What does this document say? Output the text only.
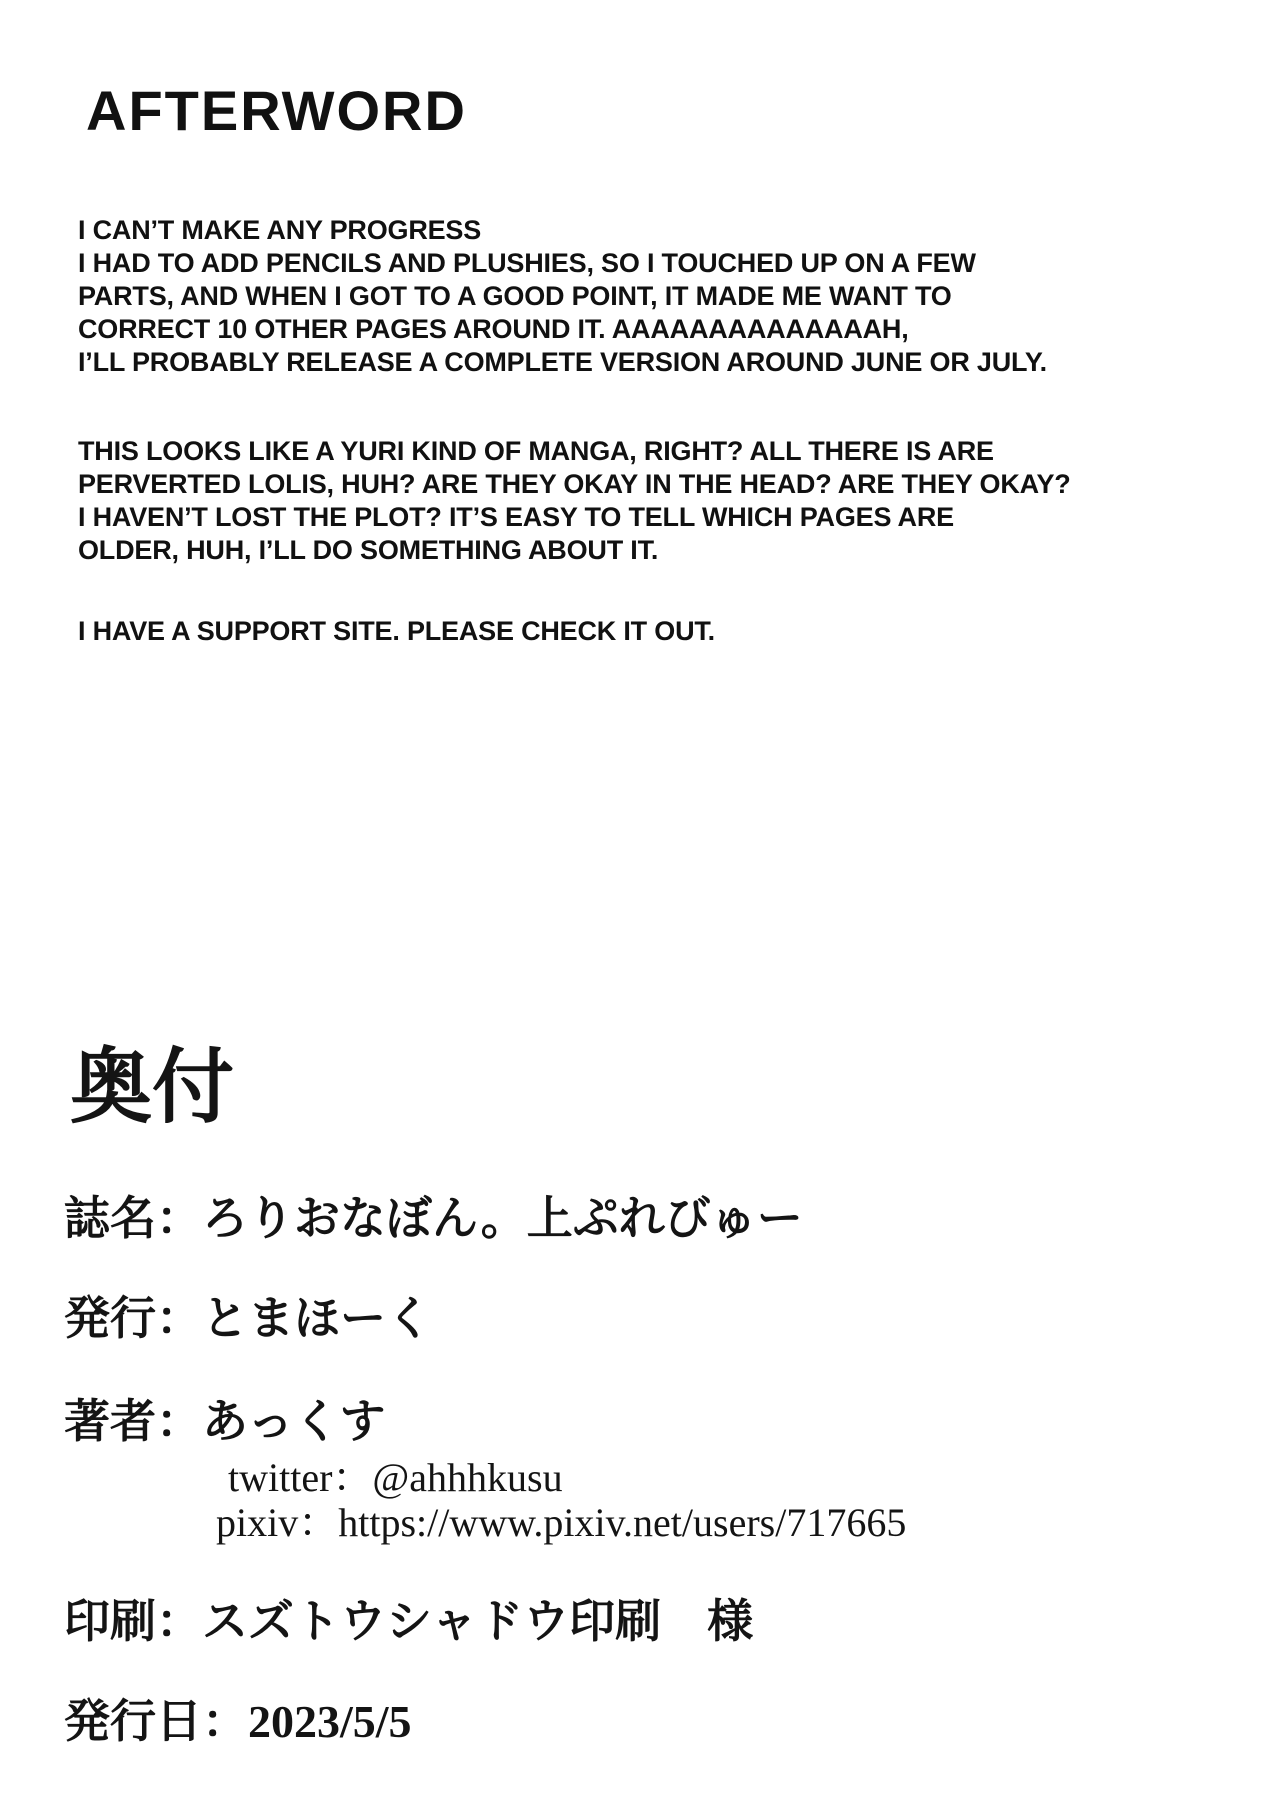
AFTERWORD
I CAN’T MAKE ANY PROGRESS
I HAD TO ADD PENCILS AND PLUSHIES, SO I TOUCHED UP ON A FEW
PARTS, AND WHEN I GOT TO A GOOD POINT, IT MADE ME WANT TO
CORRECT 10 OTHER PAGES AROUND IT. AAAAAAAAAAAAAAH,
I’LL PROBABLY RELEASE A COMPLETE VERSION AROUND JUNE OR JULY.
THIS LOOKS LIKE A YURI KIND OF MANGA, RIGHT? ALL THERE IS ARE
PERVERTED LOLIS, HUH? ARE THEY OKAY IN THE HEAD? ARE THEY OKAY?
I HAVEN’T LOST THE PLOT? IT’S EASY TO TELL WHICH PAGES ARE
OLDER, HUH, I’LL DO SOMETHING ABOUT IT.
I HAVE A SUPPORT SITE. PLEASE CHECK IT OUT.
奥付
誌名：ろりおなぼん。上ぷれびゅー
発行：とまほーく
著者：あっくす
twitter：@ahhhkusu
pixiv：https://www.pixiv.net/users/717665
印刷：スズトウシャドウ印刷　様
発行日：2023/5/5
